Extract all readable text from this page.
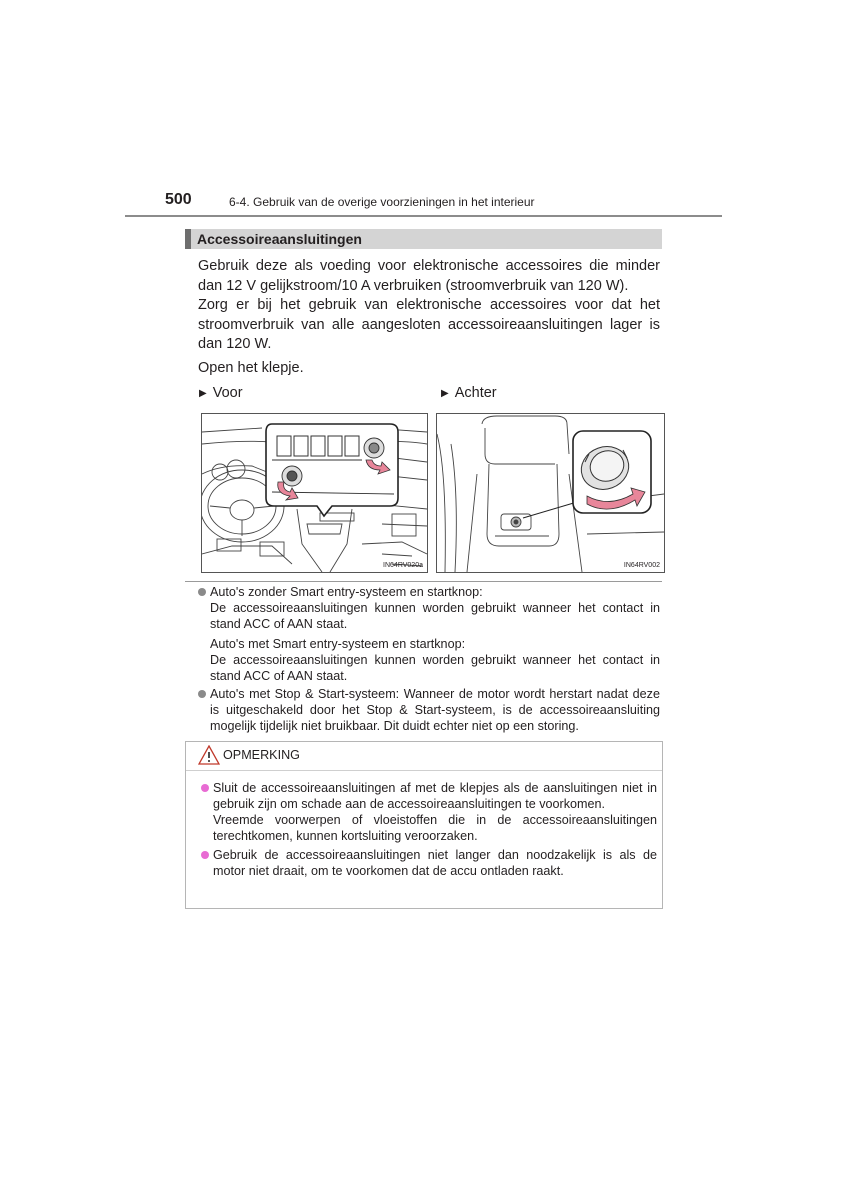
500	6-4. Gebruik van de overige voorzieningen in het interieur
Accessoireaansluitingen

Gebruik deze als voeding voor elektronische accessoires die minder dan 12 V gelijkstroom/10 A verbruiken (stroomverbruik van 120 W).

Zorg er bij het gebruik van elektronische accessoires voor dat het stroomverbruik van alle aangesloten accessoireaansluitingen lager is dan 120 W.

Open het klepje.
▶ Voor	▶ Achter
IN64RV020a	IN64RV002
Auto's zonder Smart entry-systeem en startknop:
De accessoireaansluitingen kunnen worden gebruikt wanneer het contact in stand ACC of AAN staat.
Auto's met Smart entry-systeem en startknop:
De accessoireaansluitingen kunnen worden gebruikt wanneer het contact in stand ACC of AAN staat.
Auto's met Stop & Start-systeem: Wanneer de motor wordt herstart nadat deze is uitgeschakeld door het Stop & Start-systeem, is de accessoireaansluiting mogelijk tijdelijk niet bruikbaar. Dit duidt echter niet op een storing.
OPMERKING
Sluit de accessoireaansluitingen af met de klepjes als de aansluitingen niet in gebruik zijn om schade aan de accessoireaansluitingen te voorkomen.
Vreemde voorwerpen of vloeistoffen die in de accessoireaansluitingen terechtkomen, kunnen kortsluiting veroorzaken.
Gebruik de accessoireaansluitingen niet langer dan noodzakelijk is als de motor niet draait, om te voorkomen dat de accu ontladen raakt.
